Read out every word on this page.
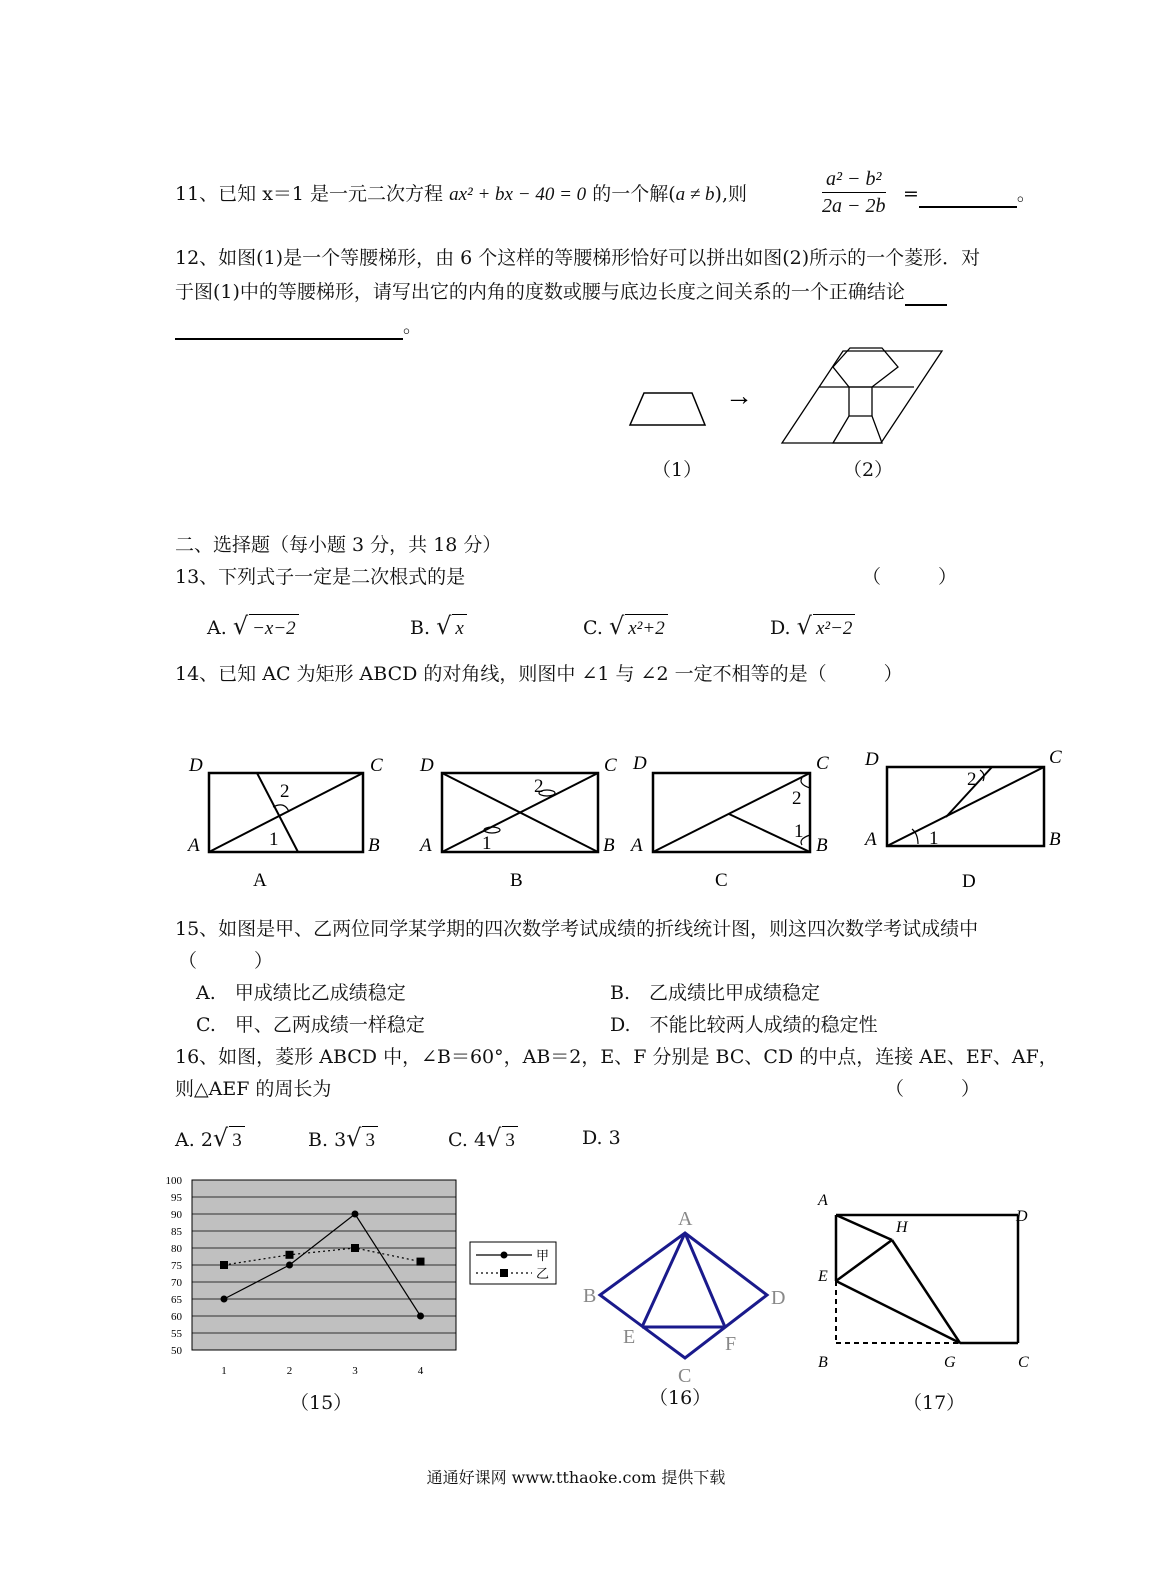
11、已知 x＝1 是一元二次方程 ax² + bx − 40 = 0 的一个解(a ≠ b),则	$\frac{\text{a² − b²}}{2a - 2b}$ =	。
12、如图(1)是一个等腰梯形，由 6 个这样的等腰梯形恰好可以拼出如图(2)所示的一个菱形．对
于图(1)中的等腰梯形，请写出它的内角的度数或腰与底边长度之间关系的一个正确结论
。
→
（1）	（2）
二、选择题（每小题 3 分，共 18 分）
13、下列式子一定是二次根式的是	（　　　）
A. √ −x−2	B. √ x	C. √ x²+2	D. √ x²−2
14、已知 AC 为矩形 ABCD 的对角线，则图中 ∠1 与 ∠2 一定不相等的是（　　　）
D	C
A	B
2
1
A
D	C
A	B
2
1
B
D	C
A	B
2
1
C
D	C
A	B
2
1
D
15、如图是甲、乙两位同学某学期的四次数学考试成绩的折线统计图，则这四次数学考试成绩中
（　　　）
A.　甲成绩比乙成绩稳定	B.　乙成绩比甲成绩稳定
C.　甲、乙两成绩一样稳定	D.　不能比较两人成绩的稳定性
16、如图，菱形 ABCD 中，∠B＝60°，AB＝2，E、F 分别是 BC、CD 的中点，连接 AE、EF、AF，
则△AEF 的周长为	（　　　）
A. 2√ 3	B. 3√ 3	C. 4√ 3	D. 3
100
95
90
85
80
75
70
65
60
55
50
1	2	3	4
甲
乙
（15）
A
B	D
E	F
C
（16）
A
D
H
E
B	G	C
（17）
通通好课网 www.tthaoke.com 提供下载
